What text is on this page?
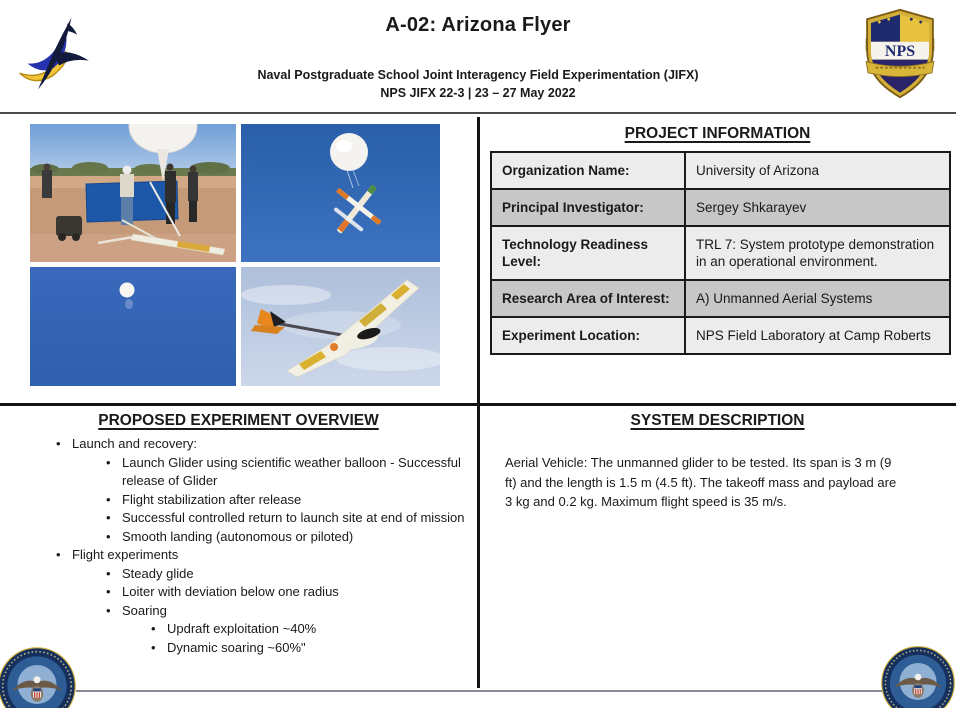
A-02: Arizona Flyer
Naval Postgraduate School Joint Interagency Field Experimentation (JIFX)
NPS JIFX 22-3 | 23 – 27 May 2022
NPS
PROJECT INFORMATION
Organization Name:	University of Arizona
Principal Investigator:	Sergey Shkarayev
Technology Readiness Level:	TRL 7: System prototype demonstration in an operational environment.
Research Area of Interest:	A) Unmanned Aerial Systems
Experiment Location:	NPS Field Laboratory at Camp Roberts
PROPOSED EXPERIMENT OVERVIEW
• Launch and recovery:
• Launch Glider using scientific weather balloon - Successful release of Glider
• Flight stabilization after release
• Successful controlled return to launch site at end of mission
• Smooth landing (autonomous or piloted)
• Flight experiments
• Steady glide
• Loiter with deviation below one radius
• Soaring
• Updraft exploitation ~40%
• Dynamic soaring ~60%"
SYSTEM DESCRIPTION

Aerial Vehicle: The unmanned glider to be tested. Its span is 3 m (9 ft) and the length is 1.5 m (4.5 ft). The takeoff mass and payload are 3 kg and 0.2 kg. Maximum flight speed is 35 m/s.
